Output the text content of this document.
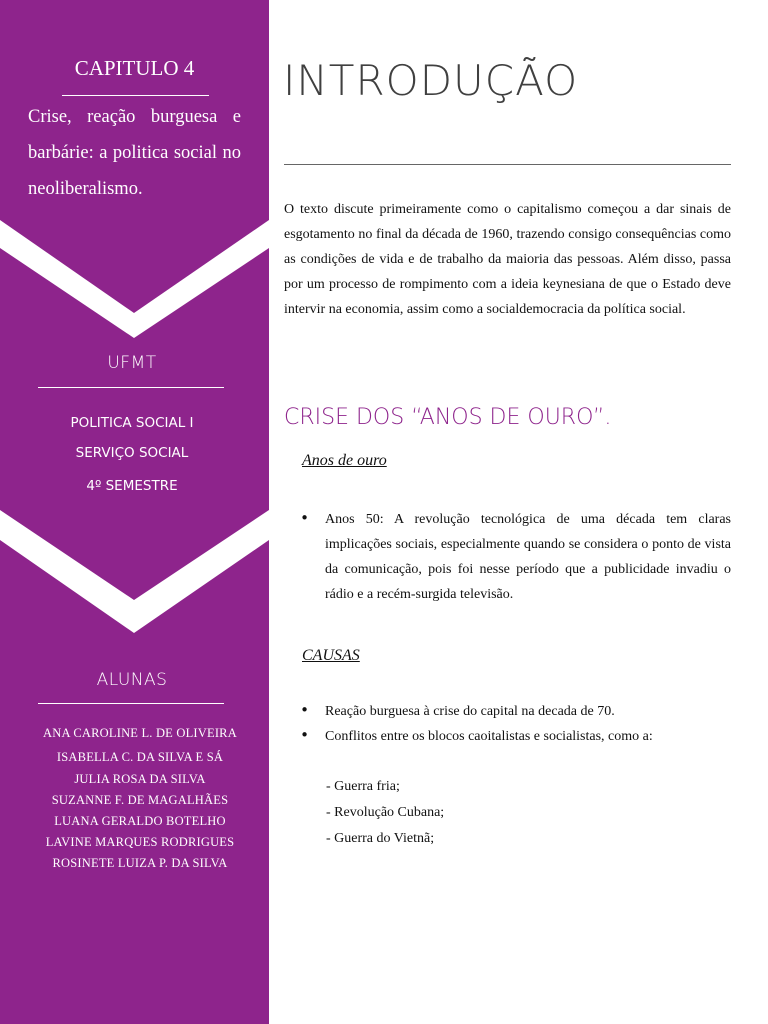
CAPITULO 4
Crise, reação burguesa e barbárie: a politica social no neoliberalismo.
UFMT
POLITICA SOCIAL I
SERVIÇO SOCIAL
4º SEMESTRE
ALUNAS
ANA CAROLINE L. DE OLIVEIRA
ISABELLA C. DA SILVA E SÁ
JULIA ROSA DA SILVA
SUZANNE F. DE MAGALHÃES
LUANA GERALDO BOTELHO
LAVINE MARQUES RODRIGUES
ROSINETE LUIZA P. DA SILVA
INTRODUÇÃO
O texto discute primeiramente como o capitalismo começou a dar sinais de esgotamento no final da década de 1960, trazendo consigo consequências como as condições de vida e de trabalho da maioria das pessoas. Além disso, passa por um processo de rompimento com a ideia keynesiana de que o Estado deve intervir na economia, assim como a socialdemocracia da política social.
CRISE DOS “ANOS DE OURO”.
Anos de ouro
• Anos 50: A revolução tecnológica de uma década tem claras implicações sociais, especialmente quando se considera o ponto de vista da comunicação, pois foi nesse período que a publicidade invadiu o rádio e a recém-surgida televisão.
CAUSAS
• Reação burguesa à crise do capital na decada de 70.
• Conflitos entre os blocos caoitalistas e socialistas, como a:
- Guerra fria;
- Revolução Cubana;
- Guerra do Vietnã;
